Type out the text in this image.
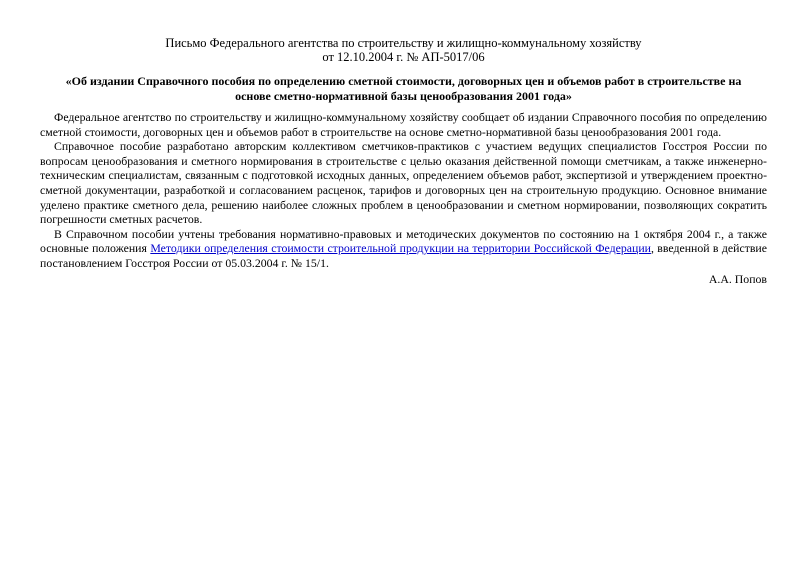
Письмо Федерального агентства по строительству и жилищно-коммунальному хозяйству
от 12.10.2004 г. № АП-5017/06
«Об издании Справочного пособия по определению сметной стоимости, договорных цен и объемов работ в строительстве на основе сметно-нормативной базы ценообразования 2001 года»

Федеральное агентство по строительству и жилищно-коммунальному хозяйству сообщает об издании Справочного пособия по определению сметной стоимости, договорных цен и объемов работ в строительстве на основе сметно-нормативной базы ценообразования 2001 года.

Справочное пособие разработано авторским коллективом сметчиков-практиков с участием ведущих специалистов Госстроя России по вопросам ценообразования и сметного нормирования в строительстве с целью оказания действенной помощи сметчикам, а также инженерно-техническим специалистам, связанным с подготовкой исходных данных, определением объемов работ, экспертизой и утверждением проектно-сметной документации, разработкой и согласованием расценок, тарифов и договорных цен на строительную продукцию. Основное внимание уделено практике сметного дела, решению наиболее сложных проблем в ценообразовании и сметном нормировании, позволяющих сократить погрешности сметных расчетов.

В Справочном пособии учтены требования нормативно-правовых и методических документов по состоянию на 1 октября 2004 г., а также основные положения Методики определения стоимости строительной продукции на территории Российской Федерации, введенной в действие постановлением Госстроя России от 05.03.2004 г. № 15/1.

А.А. Попов
